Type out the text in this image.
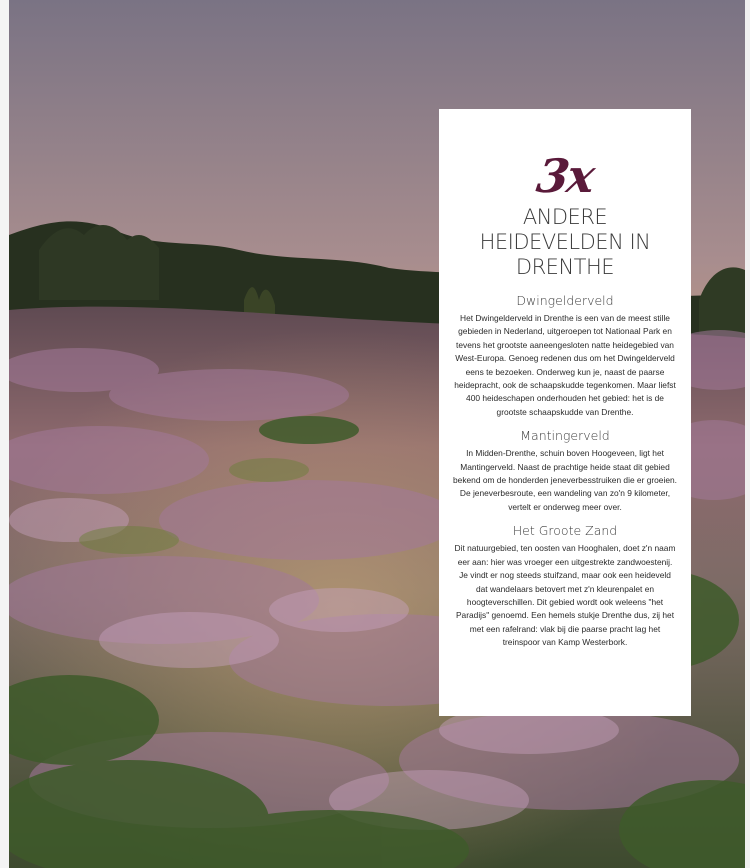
3x
ANDERE HEIDEVELDEN IN DRENTHE
Dwingelderveld

Het Dwingelderveld in Drenthe is een van de meest stille gebieden in Nederland, uitgeroepen tot Nationaal Park en tevens het grootste aaneengesloten natte heidegebied van West-Europa. Genoeg redenen dus om het Dwingelderveld eens te bezoeken. Onderweg kun je, naast de paarse heidepracht, ook de schaapskudde tegenkomen. Maar liefst 400 heideschapen onderhouden het gebied: het is de grootste schaapskudde van Drenthe.

Mantingerveld

In Midden-Drenthe, schuin boven Hoogeveen, ligt het Mantingerveld. Naast de prachtige heide staat dit gebied bekend om de honderden jeneverbesstruiken die er groeien. De jeneverbesroute, een wandeling van zo'n 9 kilometer, vertelt er onderweg meer over.

Het Groote Zand

Dit natuurgebied, ten oosten van Hooghalen, doet z'n naam eer aan: hier was vroeger een uitgestrekte zandwoestenij. Je vindt er nog steeds stuifzand, maar ook een heideveld dat wandelaars betovert met z'n kleurenpalet en hoogteverschillen. Dit gebied wordt ook weleens "het Paradijs" genoemd. Een hemels stukje Drenthe dus, zij het met een rafelrand: vlak bij die paarse pracht lag het treinspoor van Kamp Westerbork.
